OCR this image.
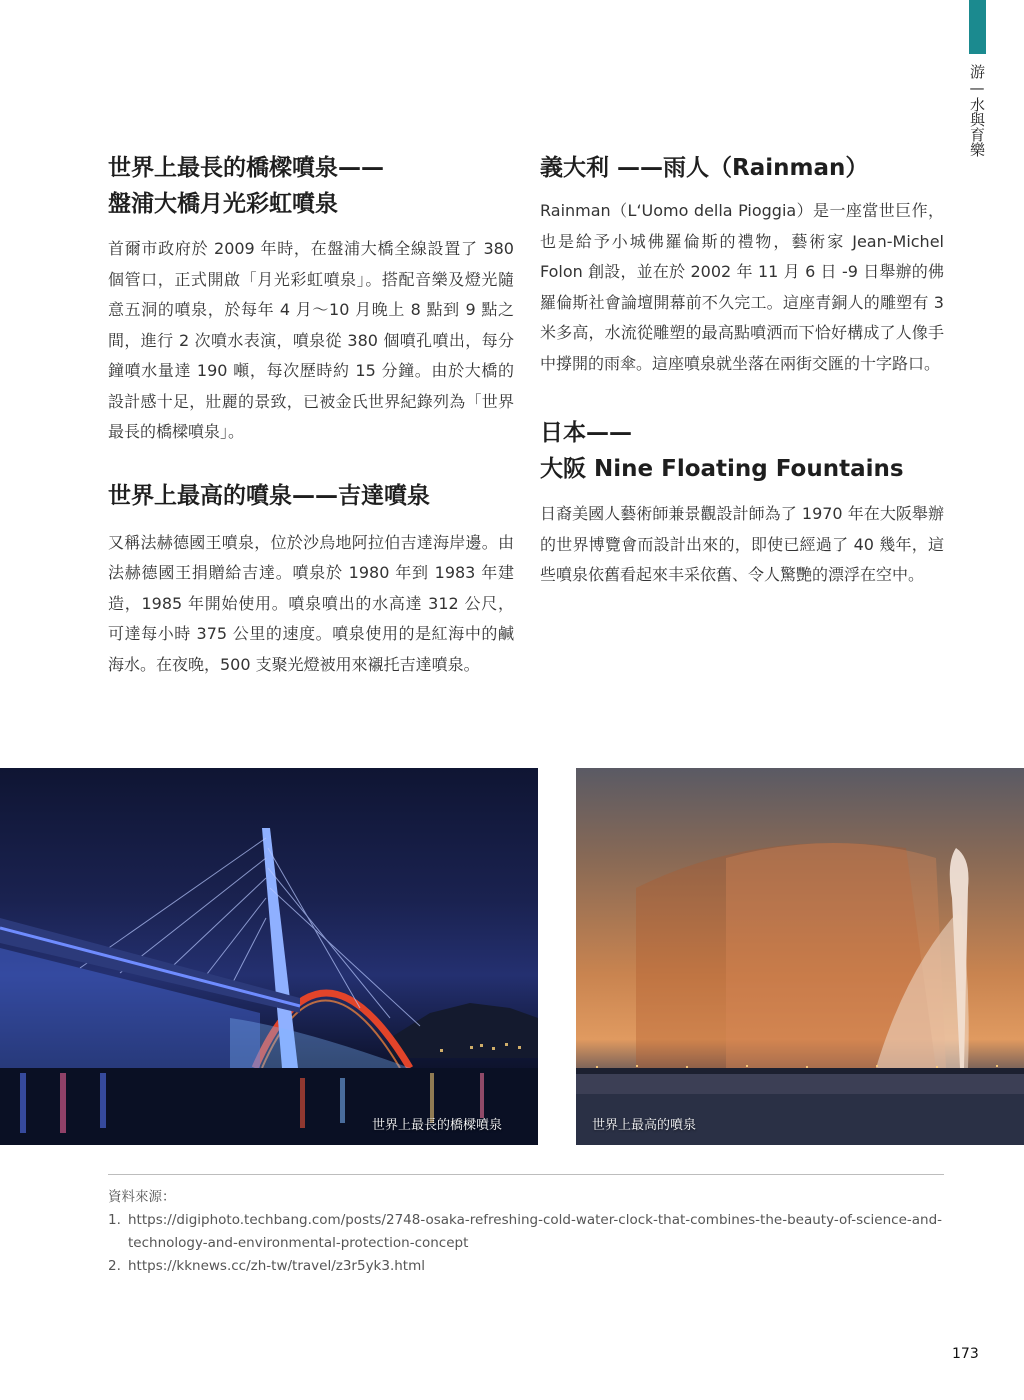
游—水與育樂
世界上最長的橋樑噴泉——
盤浦大橋月光彩虹噴泉

首爾市政府於 2009 年時，在盤浦大橋全線設置了 380 個管口，正式開啟「月光彩虹噴泉」。搭配音樂及燈光隨意五洞的噴泉，於每年 4 月～10 月晚上 8 點到 9 點之間，進行 2 次噴水表演，噴泉從 380 個噴孔噴出，每分鐘噴水量達 190 噸，每次歷時約 15 分鐘。由於大橋的設計感十足，壯麗的景致，已被金氏世界紀錄列為「世界最長的橋樑噴泉」。

世界上最高的噴泉——吉達噴泉

又稱法赫德國王噴泉，位於沙烏地阿拉伯吉達海岸邊。由法赫德國王捐贈給吉達。噴泉於 1980 年到 1983 年建造，1985 年開始使用。噴泉噴出的水高達 312 公尺，可達每小時 375 公里的速度。噴泉使用的是紅海中的鹹海水。在夜晚，500 支聚光燈被用來襯托吉達噴泉。

義大利 ——雨人（Rainman）

Rainman（L‘Uomo della Pioggia）是一座當世巨作，也是給予小城佛羅倫斯的禮物，藝術家 Jean-Michel Folon 創設，並在於 2002 年 11 月 6 日 -9 日舉辦的佛羅倫斯社會論壇開幕前不久完工。這座青銅人的雕塑有 3 米多高，水流從雕塑的最高點噴洒而下恰好構成了人像手中撐開的雨傘。這座噴泉就坐落在兩街交匯的十字路口。

日本——
大阪 Nine Floating Fountains

日裔美國人藝術師兼景觀設計師為了 1970 年在大阪舉辦的世界博覽會而設計出來的，即使已經過了 40 幾年，這些噴泉依舊看起來丰采依舊、令人驚艷的漂浮在空中。

世界上最長的橋樑噴泉	世界上最高的噴泉
資料來源：
1. https://digiphoto.techbang.com/posts/2748-osaka-refreshing-cold-water-clock-that-combines-the-beauty-of-science-and-technology-and-environmental-protection-concept
2. https://kknews.cc/zh-tw/travel/z3r5yk3.html
173
